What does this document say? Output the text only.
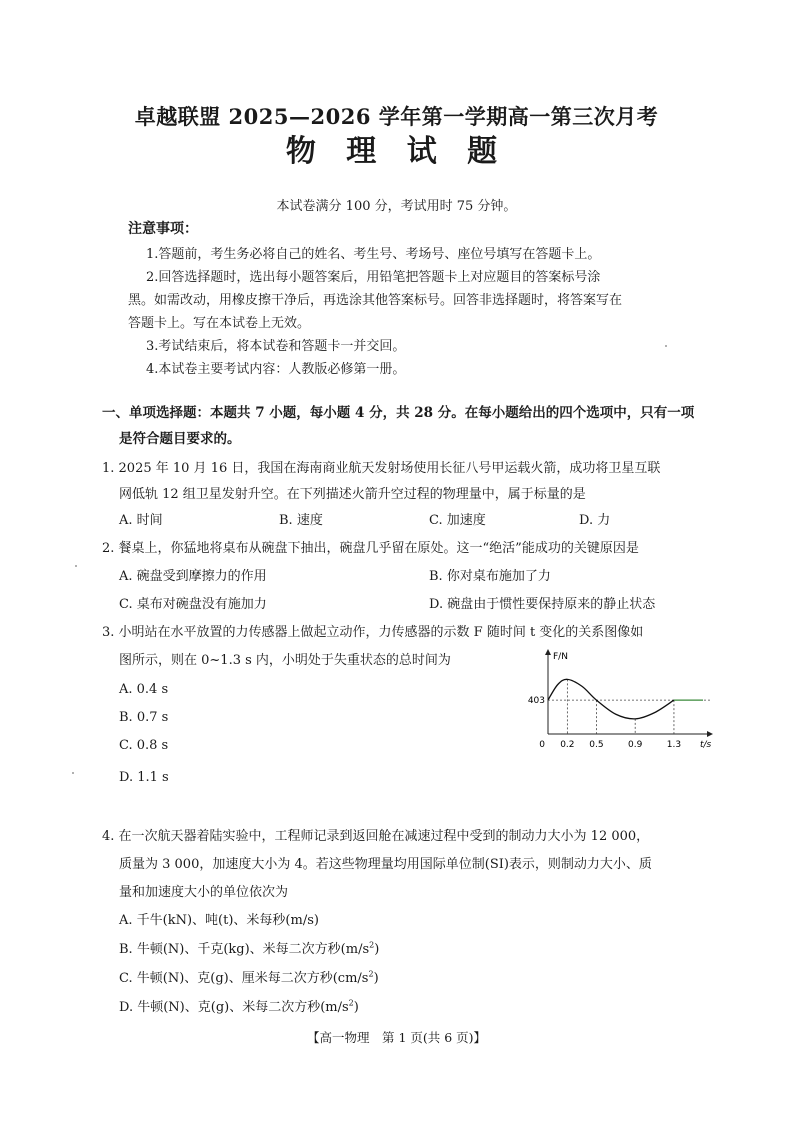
卓越联盟 2025—2026 学年第一学期高一第三次月考
物 理 试 题
本试卷满分 100 分，考试用时 75 分钟。
注意事项：
1.答题前，考生务必将自己的姓名、考生号、考场号、座位号填写在答题卡上。
2.回答选择题时，选出每小题答案后，用铅笔把答题卡上对应题目的答案标号涂
黑。如需改动，用橡皮擦干净后，再选涂其他答案标号。回答非选择题时，将答案写在
答题卡上。写在本试卷上无效。
3.考试结束后，将本试卷和答题卡一并交回。
4.本试卷主要考试内容：人教版必修第一册。
一、单项选择题：本题共 7 小题，每小题 4 分，共 28 分。在每小题给出的四个选项中，只有一项
是符合题目要求的。
1. 2025 年 10 月 16 日，我国在海南商业航天发射场使用长征八号甲运载火箭，成功将卫星互联
网低轨 12 组卫星发射升空。在下列描述火箭升空过程的物理量中，属于标量的是
A. 时间	B. 速度	C. 加速度	D. 力
2. 餐桌上，你猛地将桌布从碗盘下抽出，碗盘几乎留在原处。这一“绝活”能成功的关键原因是
A. 碗盘受到摩擦力的作用	B. 你对桌布施加了力
C. 桌布对碗盘没有施加力	D. 碗盘由于惯性要保持原来的静止状态
3. 小明站在水平放置的力传感器上做起立动作，力传感器的示数 F 随时间 t 变化的关系图像如
图所示，则在 0~1.3 s 内，小明处于失重状态的总时间为
A. 0.4 s
B. 0.7 s
C. 0.8 s
D. 1.1 s
F/N
t/s
0
403
0.2 0.5	0.9	1.3
4. 在一次航天器着陆实验中，工程师记录到返回舱在减速过程中受到的制动力大小为 12 000，
质量为 3 000，加速度大小为 4。若这些物理量均用国际单位制(SI)表示，则制动力大小、质
量和加速度大小的单位依次为
A. 千牛(kN)、吨(t)、米每秒(m/s)
B. 牛顿(N)、千克(kg)、米每二次方秒$(m/s^2)$
C. 牛顿(N)、克(g)、厘米每二次方秒$(cm/s^2)$
D. 牛顿(N)、克(g)、米每二次方秒$(m/s^2)$
【高一物理　第 1 页(共 6 页)】
